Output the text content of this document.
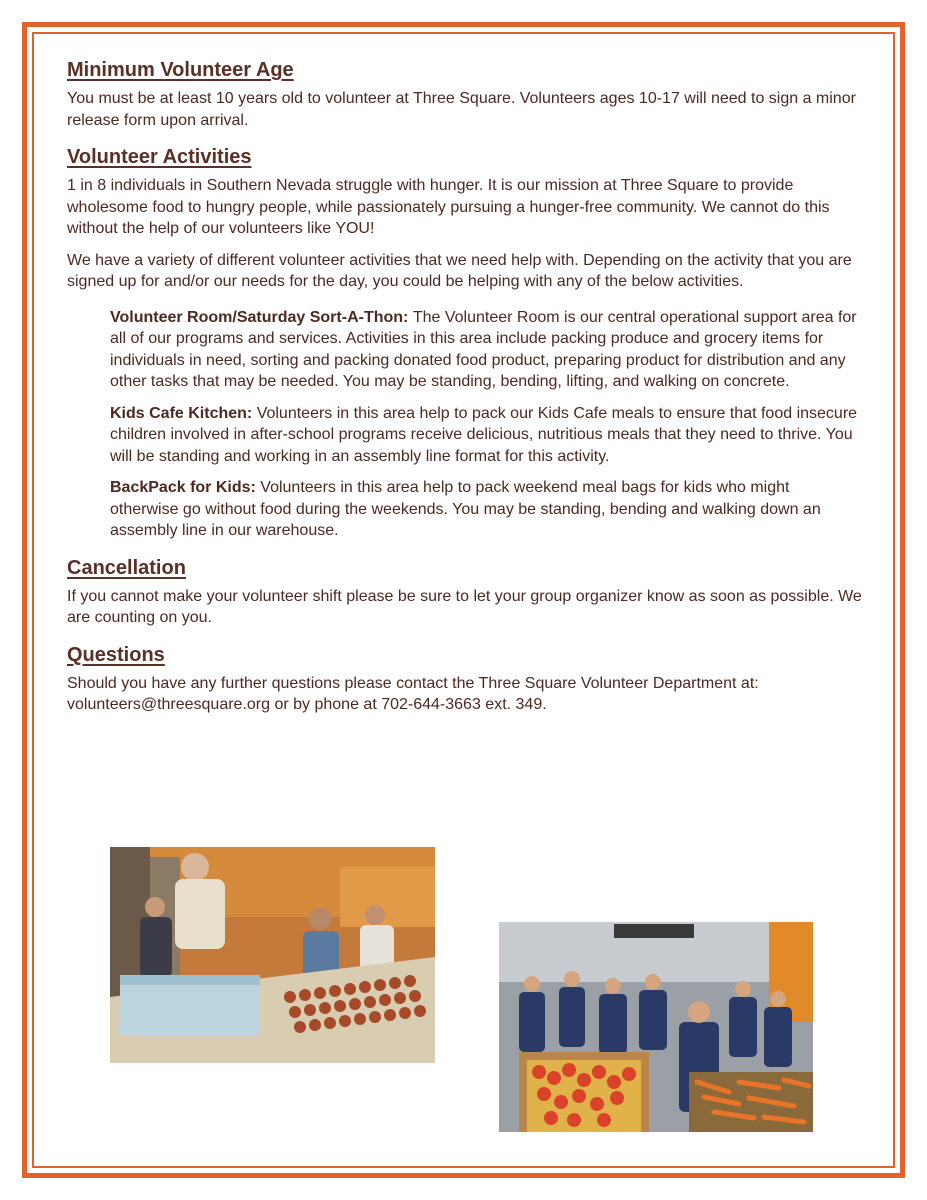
Minimum Volunteer Age

You must be at least 10 years old to volunteer at Three Square. Volunteers ages 10-17 will need to sign a minor release form upon arrival.

Volunteer Activities

1 in 8 individuals in Southern Nevada struggle with hunger. It is our mission at Three Square to provide wholesome food to hungry people, while passionately pursuing a hunger-free community. We cannot do this without the help of our volunteers like YOU!

We have a variety of different volunteer activities that we need help with. Depending on the activity that you are signed up for and/or our needs for the day, you could be helping with any of the below activities.

Volunteer Room/Saturday Sort-A-Thon: The Volunteer Room is our central operational support area for all of our programs and services. Activities in this area include packing produce and grocery items for individuals in need, sorting and packing donated food product, preparing product for distribution and any other tasks that may be needed. You may be standing, bending, lifting, and walking on concrete.

Kids Cafe Kitchen: Volunteers in this area help to pack our Kids Cafe meals to ensure that food insecure children involved in after-school programs receive delicious, nutritious meals that they need to thrive. You will be standing and working in an assembly line format for this activity.

BackPack for Kids: Volunteers in this area help to pack weekend meal bags for kids who might otherwise go without food during the weekends. You may be standing, bending and walking down an assembly line in our warehouse.

Cancellation

If you cannot make your volunteer shift please be sure to let your group organizer know as soon as possible. We are counting on you.

Questions

Should you have any further questions please contact the Three Square Volunteer Department at: volunteers@threesquare.org or by phone at 702-644-3663 ext. 349.
